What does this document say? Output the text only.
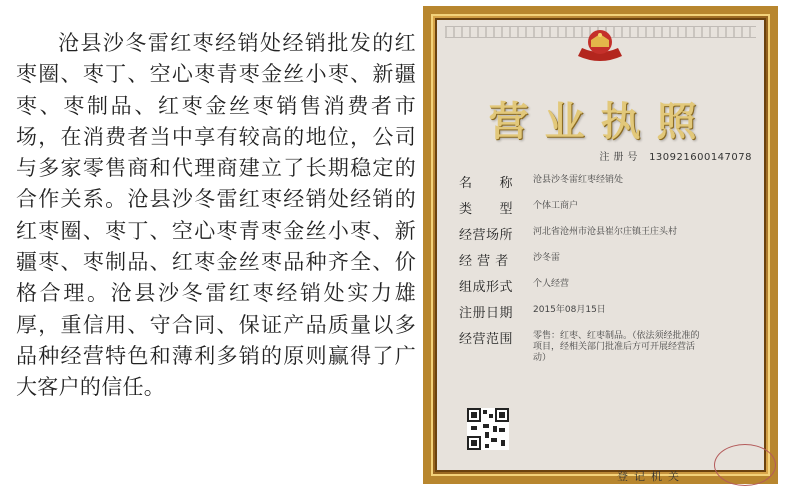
沧县沙冬雷红枣经销处经销批发的红枣圈、枣丁、空心枣青枣金丝小枣、新疆枣、枣制品、红枣金丝枣销售消费者市场，在消费者当中享有较高的地位，公司与多家零售商和代理商建立了长期稳定的合作关系。沧县沙冬雷红枣经销处经销的红枣圈、枣丁、空心枣青枣金丝小枣、新疆枣、枣制品、红枣金丝枣品种齐全、价格合理。沧县沙冬雷红枣经销处实力雄厚，重信用、守合同、保证产品质量以多品种经营特色和薄利多销的原则赢得了广大客户的信任。

营业执照
注册号 130921600147078
名　　称	沧县沙冬雷红枣经销处
类　　型	个体工商户
经营场所	河北省沧州市沧县崔尔庄镇王庄头村
经 营 者	沙冬雷
组成形式	个人经营
注册日期	2015年08月15日
经营范围	零售：红枣、红枣制品。（依法须经批准的项目，经相关部门批准后方可开展经营活动）
登记机关
